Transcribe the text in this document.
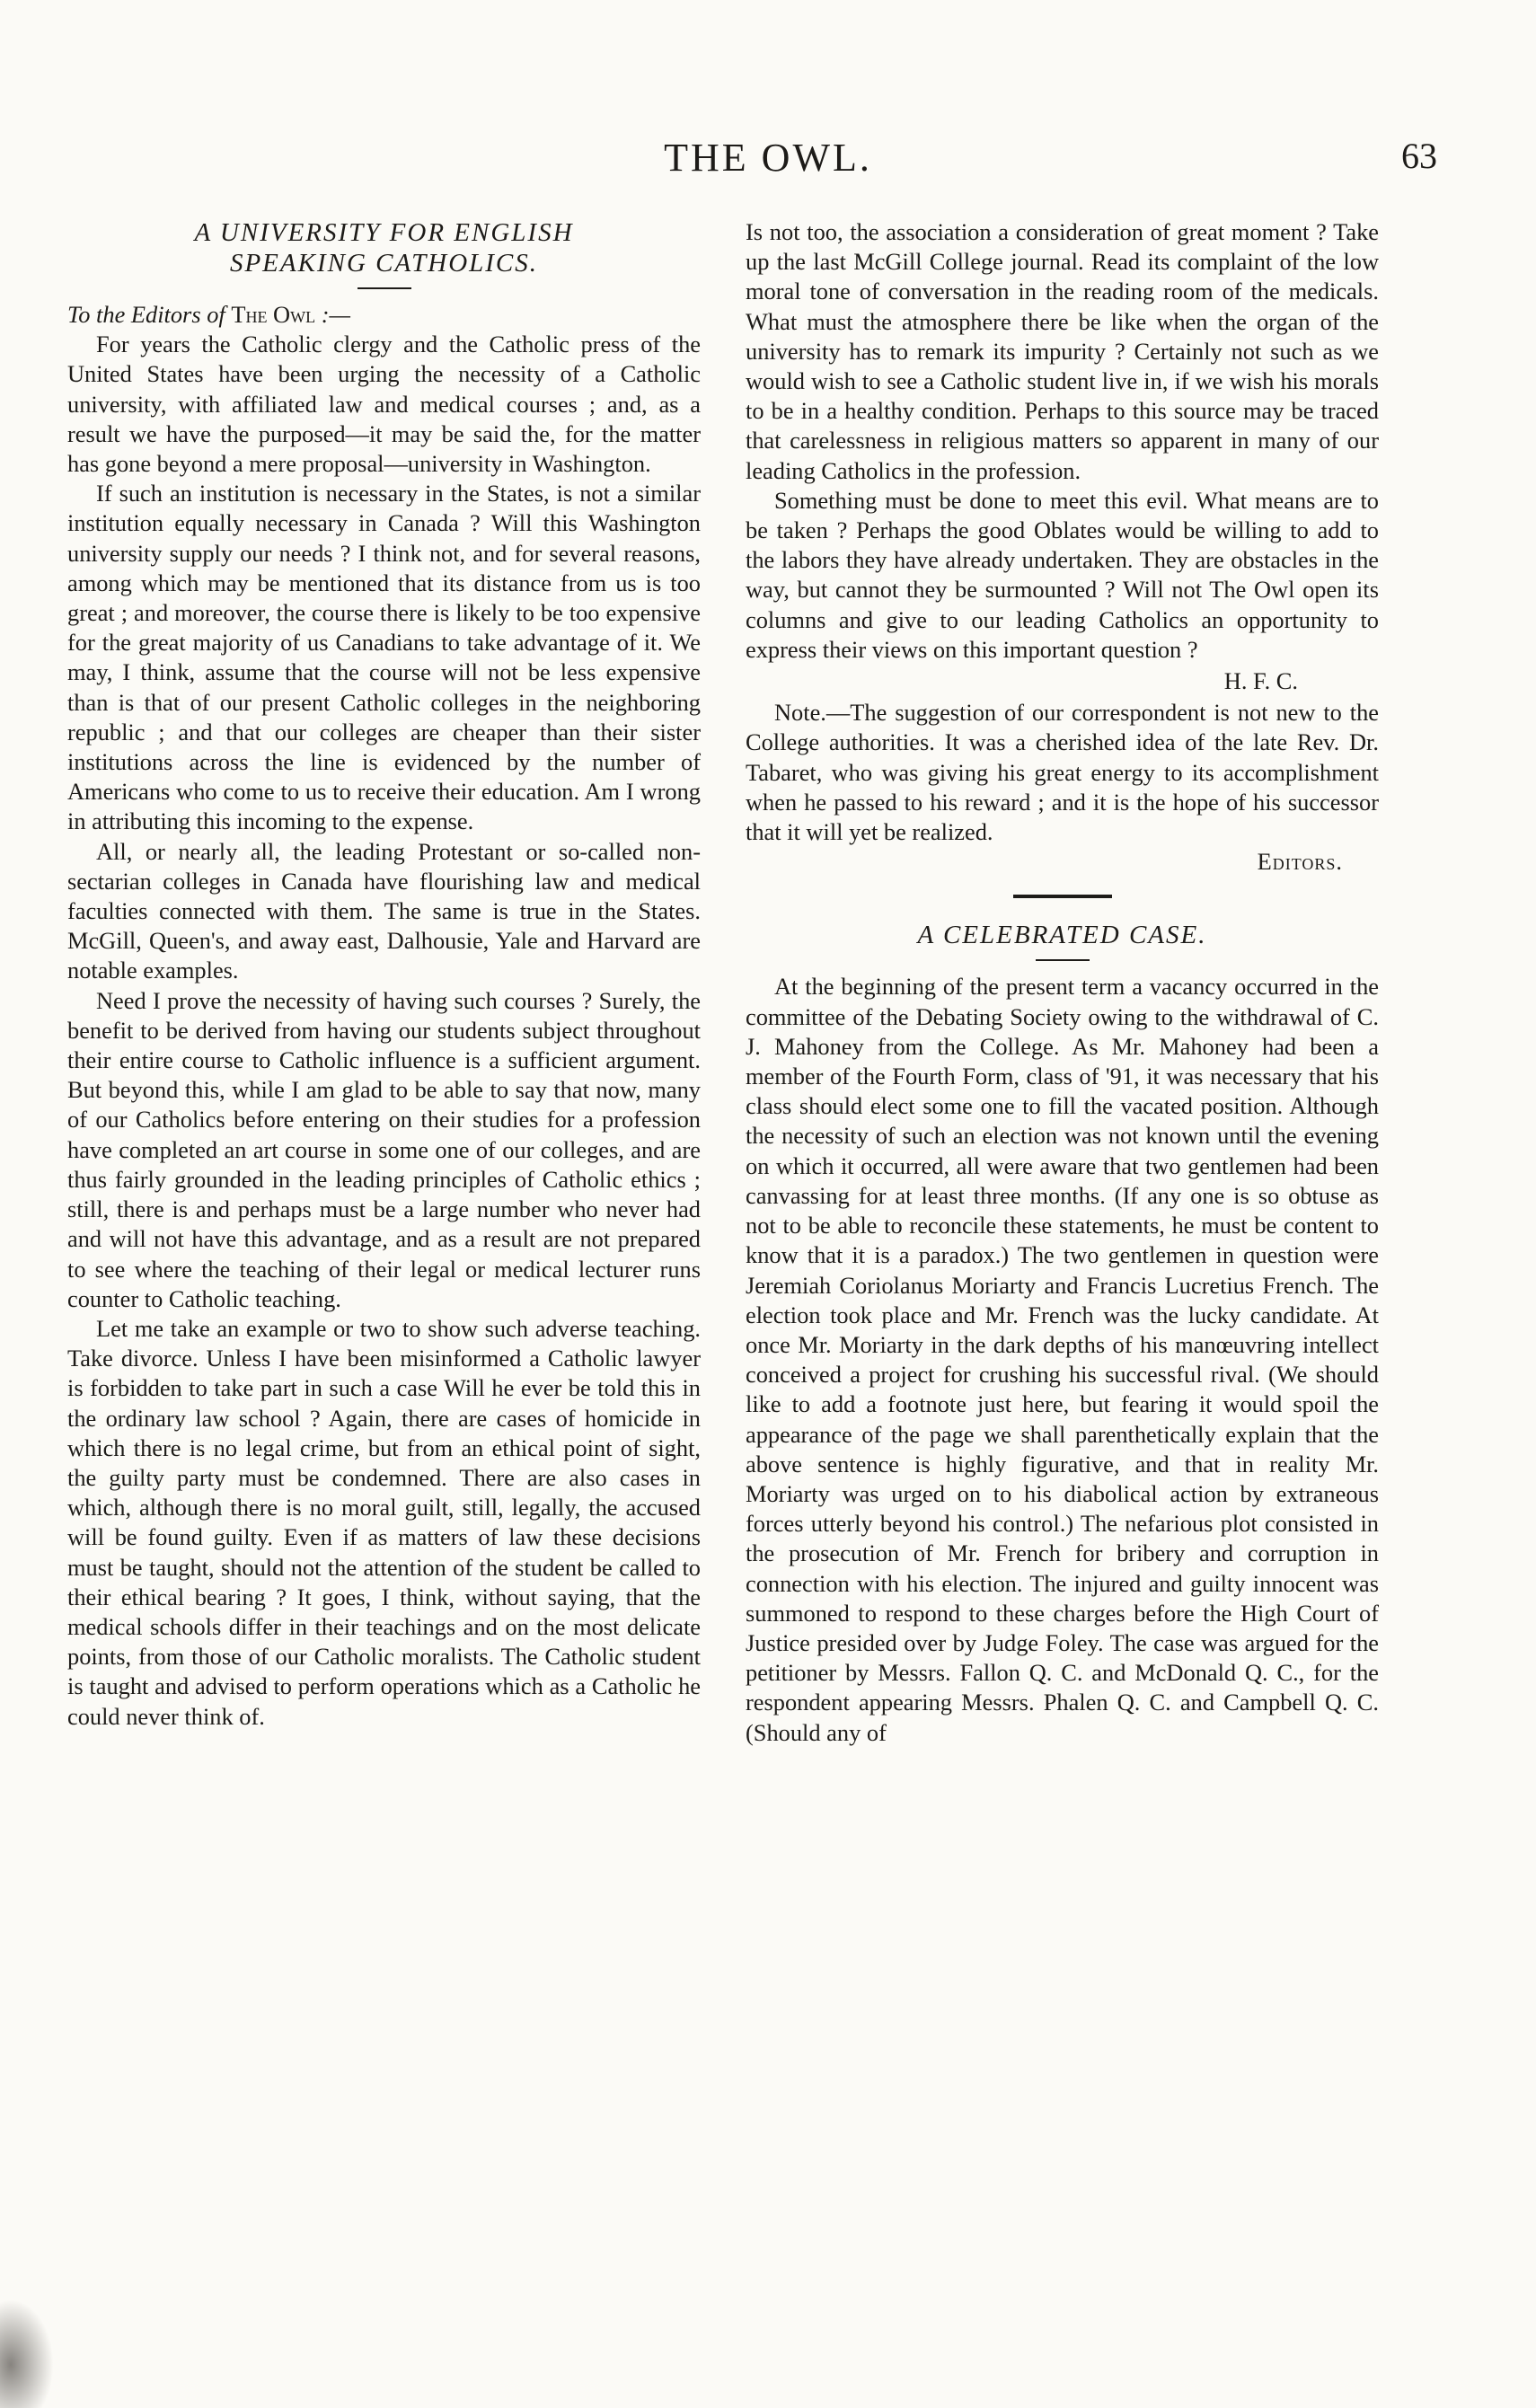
THE OWL.	63
A UNIVERSITY FOR ENGLISH
SPEAKING CATHOLICS.

To the Editors of The Owl :—

For years the Catholic clergy and the Catholic press of the United States have been urging the necessity of a Catholic university, with affiliated law and medical courses ; and, as a result we have the purposed—it may be said the, for the matter has gone beyond a mere proposal—university in Washington.

If such an institution is necessary in the States, is not a similar institution equally necessary in Canada ? Will this Washington university supply our needs ? I think not, and for several reasons, among which may be mentioned that its distance from us is too great ; and moreover, the course there is likely to be too expensive for the great majority of us Canadians to take advantage of it. We may, I think, assume that the course will not be less expensive than is that of our present Catholic colleges in the neighboring republic ; and that our colleges are cheaper than their sister institutions across the line is evidenced by the number of Americans who come to us to receive their education. Am I wrong in attributing this incoming to the expense.

All, or nearly all, the leading Protestant or so-called non-sectarian colleges in Canada have flourishing law and medical faculties connected with them. The same is true in the States. McGill, Queen's, and away east, Dalhousie, Yale and Harvard are notable examples.

Need I prove the necessity of having such courses ? Surely, the benefit to be derived from having our students subject throughout their entire course to Catholic influence is a sufficient argument. But beyond this, while I am glad to be able to say that now, many of our Catholics before entering on their studies for a profession have completed an art course in some one of our colleges, and are thus fairly grounded in the leading principles of Catholic ethics ; still, there is and perhaps must be a large number who never had and will not have this advantage, and as a result are not prepared to see where the teaching of their legal or medical lecturer runs counter to Catholic teaching.

Let me take an example or two to show such adverse teaching. Take divorce. Unless I have been misinformed a Catholic lawyer is forbidden to take part in such a case Will he ever be told this in the ordinary law school ? Again, there are cases of homicide in which there is no legal crime, but from an ethical point of sight, the guilty party must be condemned. There are also cases in which, although there is no moral guilt, still, legally, the accused will be found guilty. Even if as matters of law these decisions must be taught, should not the attention of the student be called to their ethical bearing ? It goes, I think, without saying, that the medical schools differ in their teachings and on the most delicate points, from those of our Catholic moralists. The Catholic student is taught and advised to perform operations which as a Catholic he could never think of.

Is not too, the association a consideration of great moment ? Take up the last McGill College journal. Read its complaint of the low moral tone of conversation in the reading room of the medicals. What must the atmosphere there be like when the organ of the university has to remark its impurity ? Certainly not such as we would wish to see a Catholic student live in, if we wish his morals to be in a healthy condition. Perhaps to this source may be traced that carelessness in religious matters so apparent in many of our leading Catholics in the profession.

Something must be done to meet this evil. What means are to be taken ? Perhaps the good Oblates would be willing to add to the labors they have already undertaken. They are obstacles in the way, but cannot they be surmounted ? Will not The Owl open its columns and give to our leading Catholics an opportunity to express their views on this important question ?

H. F. C.

Note.—The suggestion of our correspondent is not new to the College authorities. It was a cherished idea of the late Rev. Dr. Tabaret, who was giving his great energy to its accomplishment when he passed to his reward ; and it is the hope of his successor that it will yet be realized.

Editors.
A CELEBRATED CASE.

At the beginning of the present term a vacancy occurred in the committee of the Debating Society owing to the withdrawal of C. J. Mahoney from the College. As Mr. Mahoney had been a member of the Fourth Form, class of '91, it was necessary that his class should elect some one to fill the vacated position. Although the necessity of such an election was not known until the evening on which it occurred, all were aware that two gentlemen had been canvassing for at least three months. (If any one is so obtuse as not to be able to reconcile these statements, he must be content to know that it is a paradox.) The two gentlemen in question were Jeremiah Coriolanus Moriarty and Francis Lucretius French. The election took place and Mr. French was the lucky candidate. At once Mr. Moriarty in the dark depths of his manœuvring intellect conceived a project for crushing his successful rival. (We should like to add a footnote just here, but fearing it would spoil the appearance of the page we shall parenthetically explain that the above sentence is highly figurative, and that in reality Mr. Moriarty was urged on to his diabolical action by extraneous forces utterly beyond his control.) The nefarious plot consisted in the prosecution of Mr. French for bribery and corruption in connection with his election. The injured and guilty innocent was summoned to respond to these charges before the High Court of Justice presided over by Judge Foley. The case was argued for the petitioner by Messrs. Fallon Q. C. and McDonald Q. C., for the respondent appearing Messrs. Phalen Q. C. and Campbell Q. C. (Should any of
